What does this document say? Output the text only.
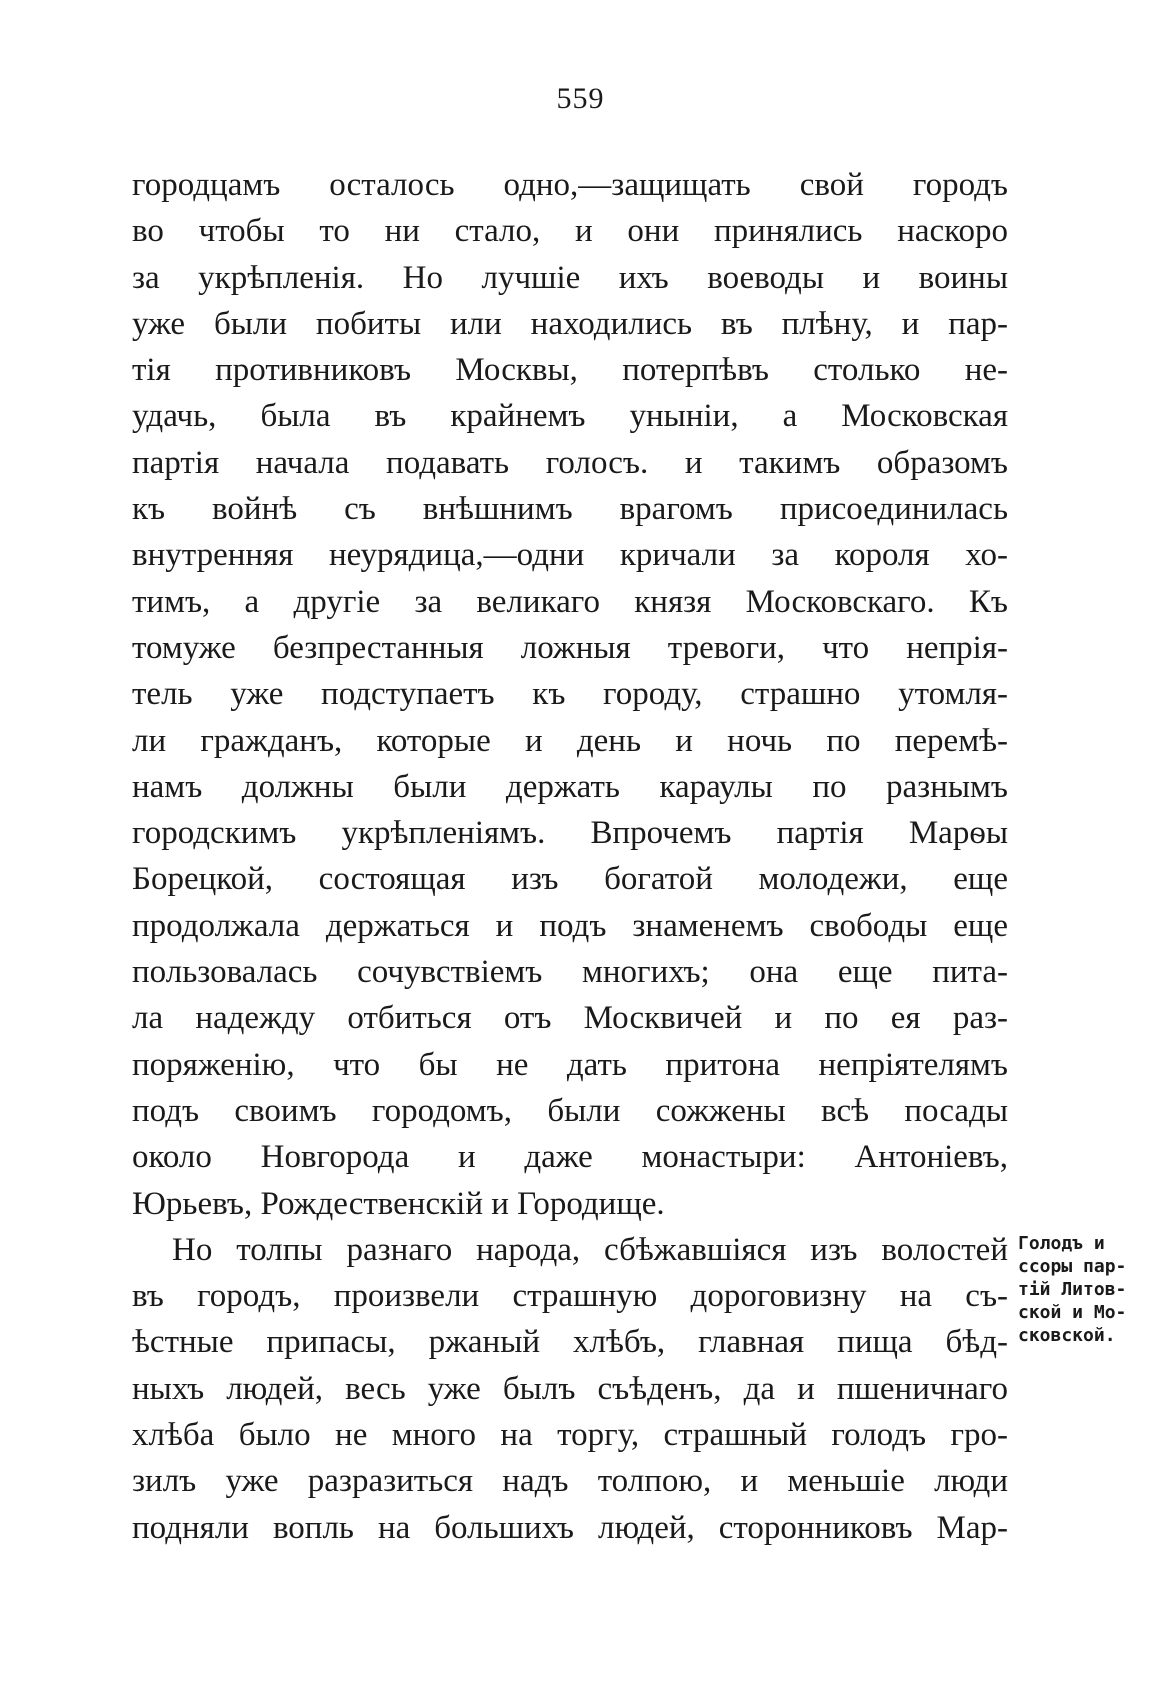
559
городцамъ осталось одно,—защищать свой городъ
во чтобы то ни стало, и они принялись наскоро
за укрѣпленія. Но лучшіе ихъ воеводы и воины
уже были побиты или находились въ плѣну, и пар-
тія противниковъ Москвы, потерпѣвъ столько не-
удачь, была въ крайнемъ уныніи, а Московская
партія начала подавать голосъ. и такимъ образомъ
къ войнѣ съ внѣшнимъ врагомъ присоединилась
внутренняя неурядица,—одни кричали за короля хо-
тимъ, а другіе за великаго князя Московскаго. Къ
томуже безпрестанныя ложныя тревоги, что непрія-
тель уже подступаетъ къ городу, страшно утомля-
ли гражданъ, которые и день и ночь по перемѣ-
намъ должны были держать караулы по разнымъ
городскимъ укрѣпленіямъ. Впрочемъ партія Марѳы
Борецкой, состоящая изъ богатой молодежи, еще
продолжала держаться и подъ знаменемъ свободы еще
пользовалась сочувствіемъ многихъ; она еще пита-
ла надежду отбиться отъ Москвичей и по ея раз-
поряженію, что бы не дать притона непріятелямъ
подъ своимъ городомъ, были сожжены всѣ посады
около Новгорода и даже монастыри: Антоніевъ,
Юрьевъ, Рождественскій и Городище.
Но толпы разнаго народа, сбѣжавшіяся изъ волостей
въ городъ, произвели страшную дороговизну на съ-
ѣстные припасы, ржаный хлѣбъ, главная пища бѣд-
ныхъ людей, весь уже былъ съѣденъ, да и пшеничнаго
хлѣба было не много на торгу, страшный голодъ гро-
зилъ уже разразиться надъ толпою, и меньшіе люди
подняли вопль на большихъ людей, сторонниковъ Мар-
Голодъ и
ссоры пар-
тій Литов-
ской и Мо-
сковской.
